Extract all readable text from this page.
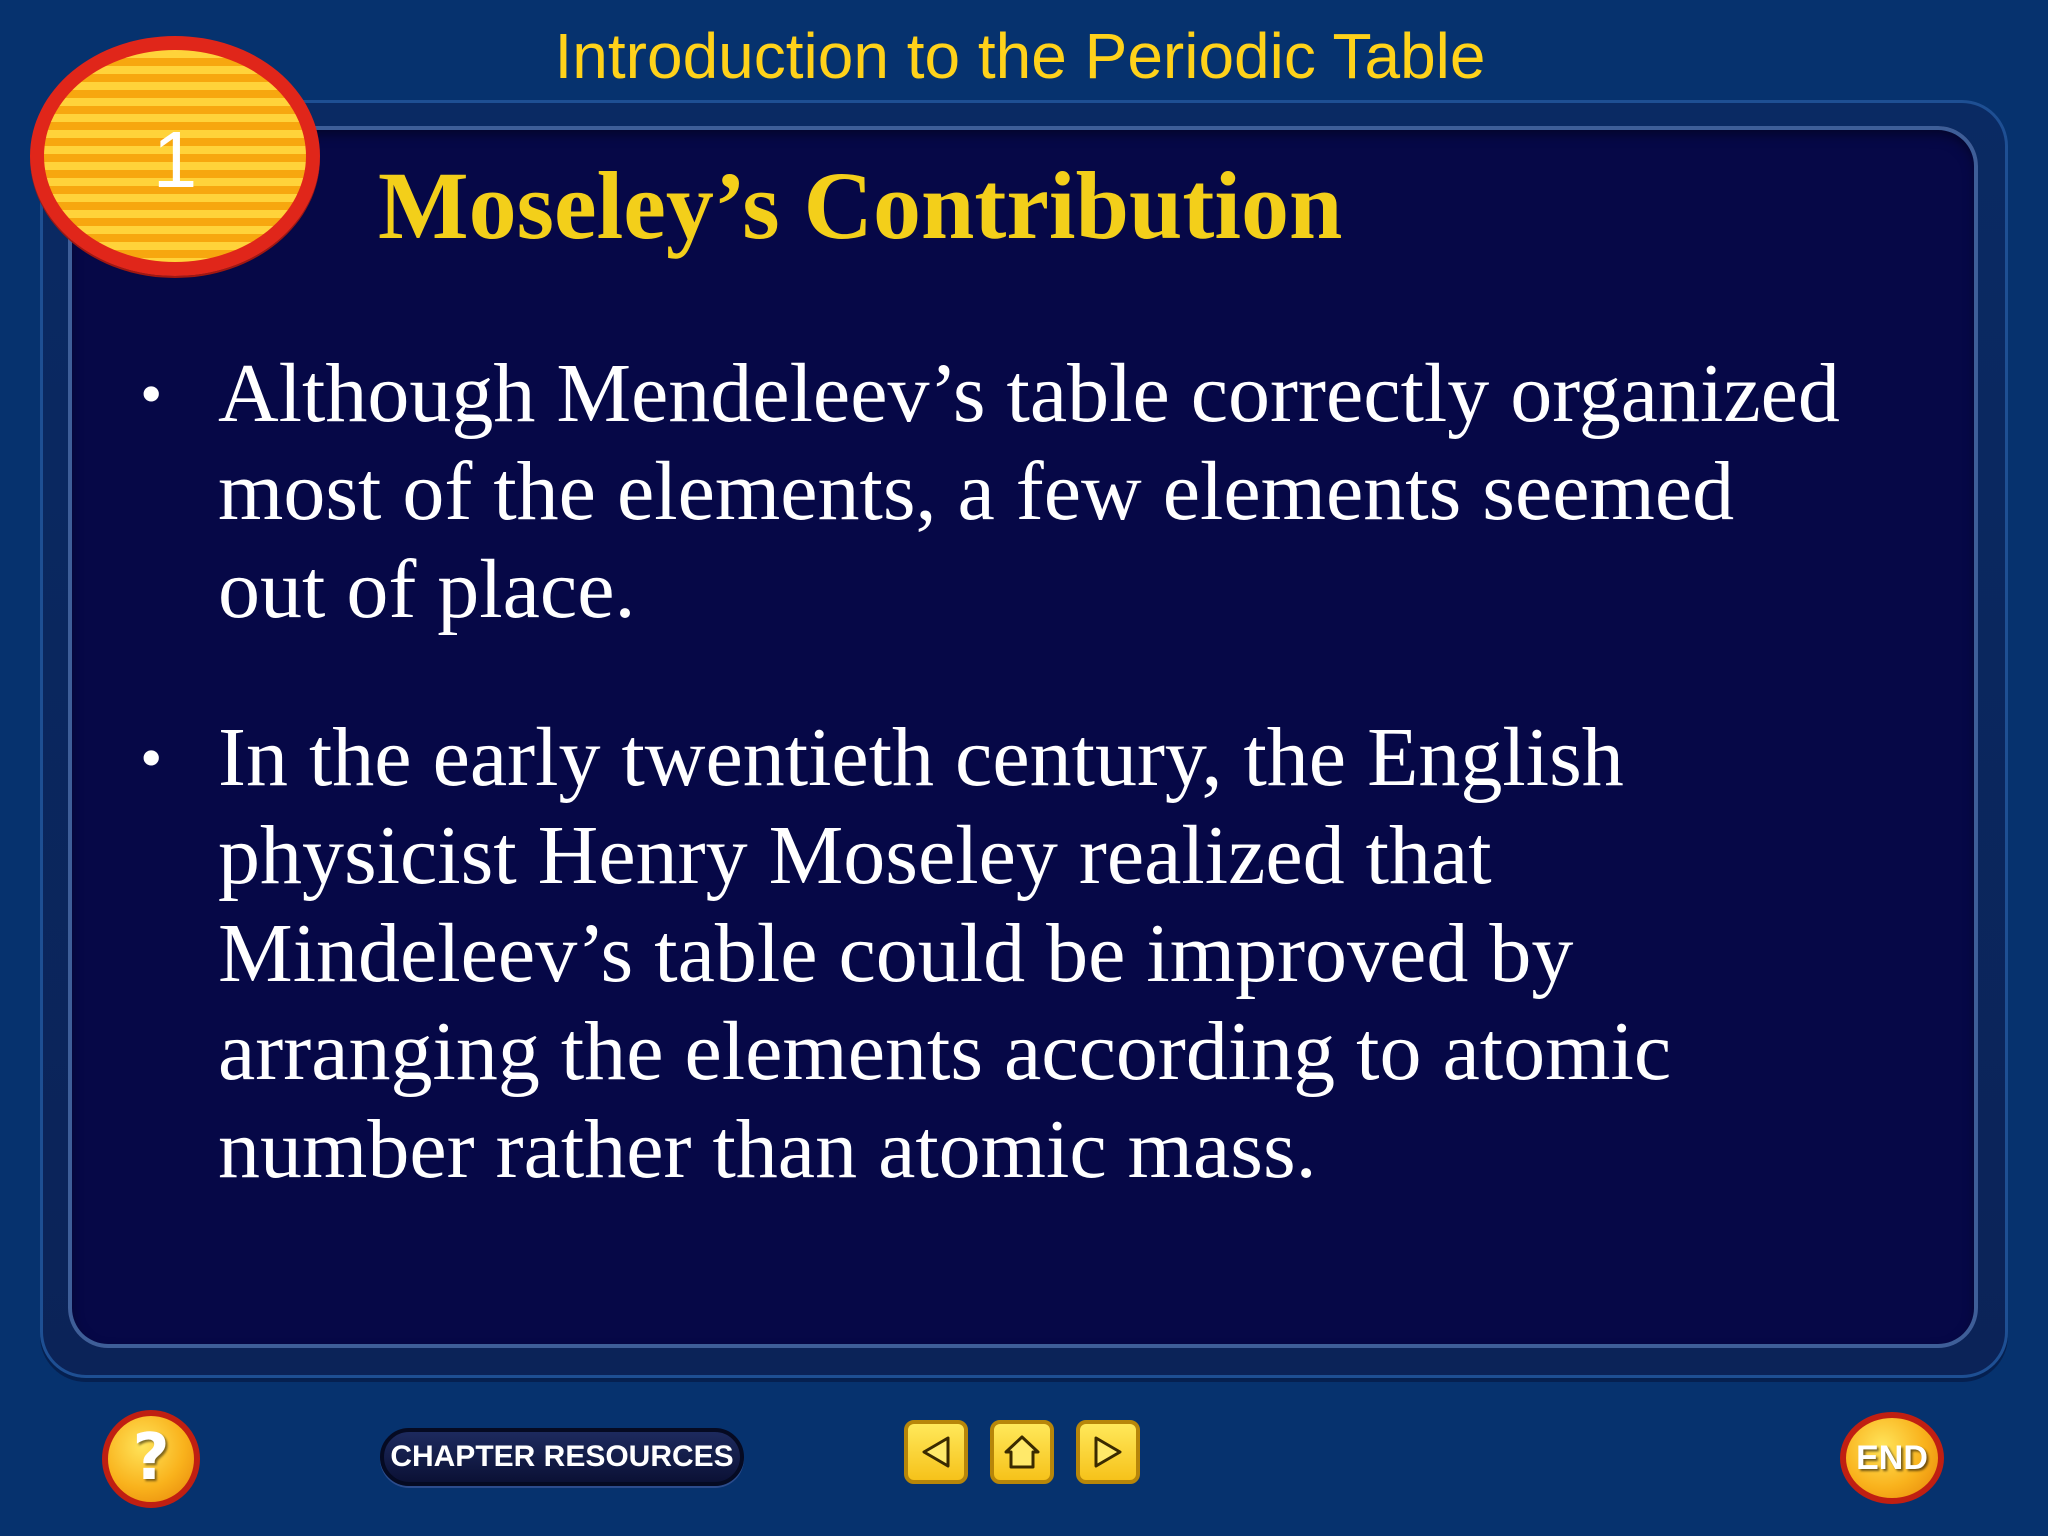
Introduction to the Periodic Table
1	Moseley’s Contribution
• Although Mendeleev’s table correctly organized most of the elements, a few elements seemed out of place.
• In the early twentieth century, the English physicist Henry Moseley realized that Mindeleev’s table could be improved by arranging the elements according to atomic number rather than atomic mass.
?	CHAPTER RESOURCES	END
